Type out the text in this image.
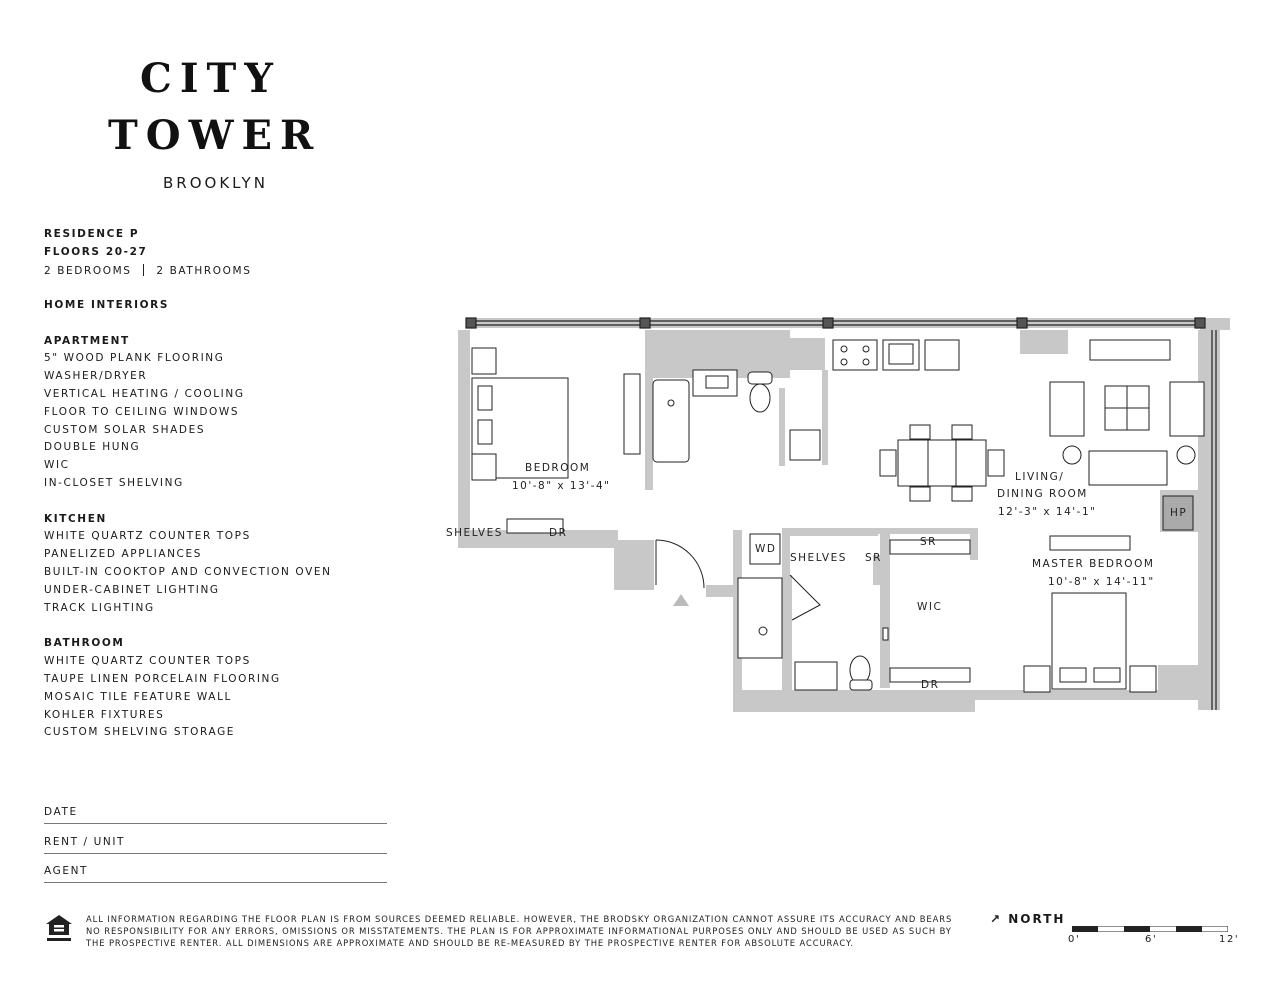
CITY
TOWER
BROOKLYN
RESIDENCE P
FLOORS 20-27
2 BEDROOMS 2 BATHROOMS
HOME INTERIORS
APARTMENT
5" WOOD PLANK FLOORING
WASHER/DRYER
VERTICAL HEATING / COOLING
FLOOR TO CEILING WINDOWS
CUSTOM SOLAR SHADES
DOUBLE HUNG
WIC
IN-CLOSET SHELVING
KITCHEN
WHITE QUARTZ COUNTER TOPS
PANELIZED APPLIANCES
BUILT-IN COOKTOP AND CONVECTION OVEN
UNDER-CABINET LIGHTING
TRACK LIGHTING
BATHROOM
WHITE QUARTZ COUNTER TOPS
TAUPE LINEN PORCELAIN FLOORING
MOSAIC TILE FEATURE WALL
KOHLER FIXTURES
CUSTOM SHELVING STORAGE
DATE
RENT / UNIT
AGENT
ALL INFORMATION REGARDING THE FLOOR PLAN IS FROM SOURCES DEEMED RELIABLE. HOWEVER, THE BRODSKY ORGANIZATION CANNOT ASSURE ITS ACCURACY AND BEARS NO RESPONSIBILITY FOR ANY ERRORS, OMISSIONS OR MISSTATEMENTS. THE PLAN IS FOR APPROXIMATE INFORMATIONAL PURPOSES ONLY AND SHOULD BE USED AS SUCH BY THE PROSPECTIVE RENTER. ALL DIMENSIONS ARE APPROXIMATE AND SHOULD BE RE-MEASURED BY THE PROSPECTIVE RENTER FOR ABSOLUTE ACCURACY.
↗ NORTH
0'	6'	12'
BEDROOM
10'-8" x 13'-4"
LIVING/
DINING ROOM
12'-3" x 14'-1"
MASTER BEDROOM
10'-8" x 14'-11"
SHELVES	DR
WD
SHELVES SR
SR
WIC
DR
HP
